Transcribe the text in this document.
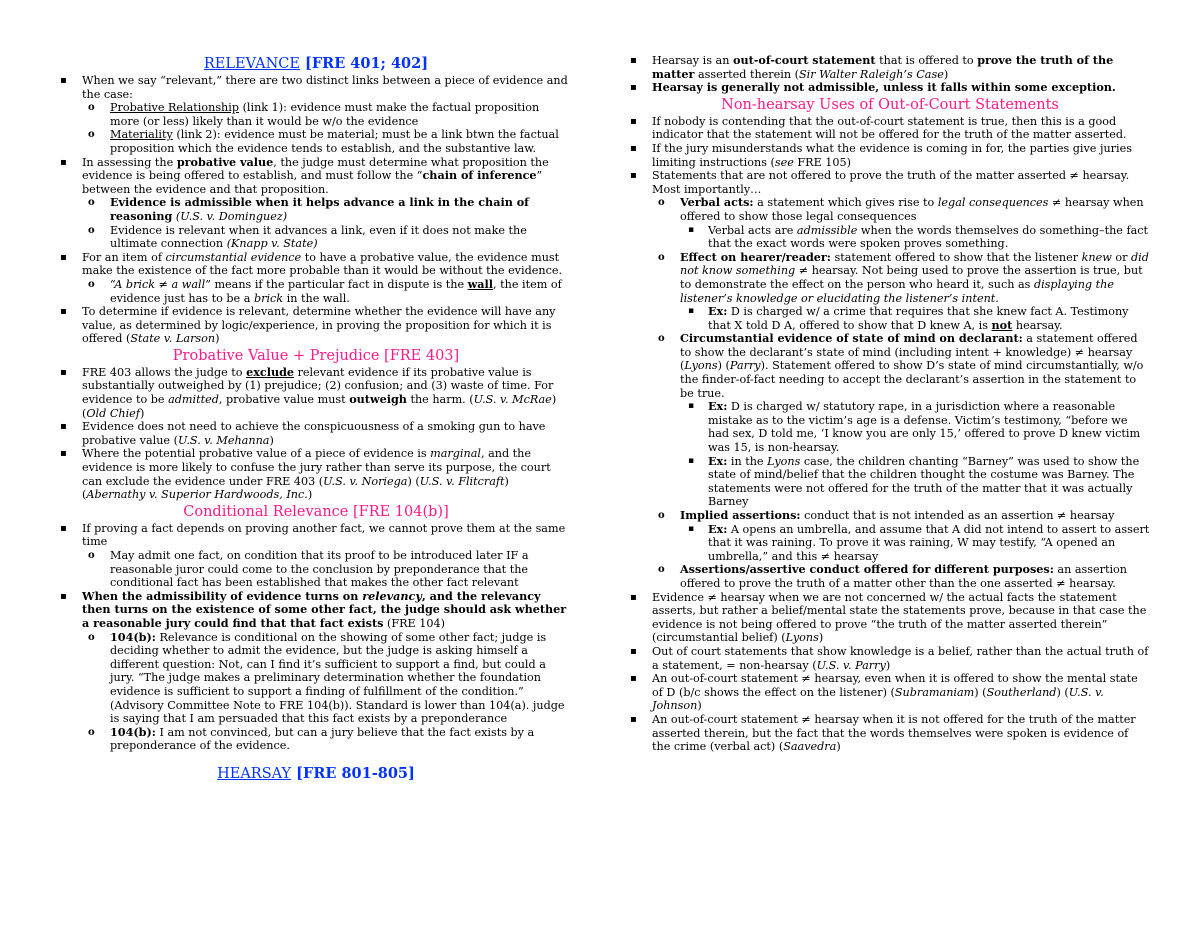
RELEVANCE [FRE 401; 402]
▪ When we say “relevant,” there are two distinct links between a piece of evidence and the case:
o Probative Relationship (link 1): evidence must make the factual proposition more (or less) likely than it would be w/o the evidence
o Materiality (link 2): evidence must be material; must be a link btwn the factual proposition which the evidence tends to establish, and the substantive law.
▪ In assessing the probative value, the judge must determine what proposition the evidence is being offered to establish, and must follow the “chain of inference” between the evidence and that proposition.
o Evidence is admissible when it helps advance a link in the chain of reasoning (U.S. v. Dominguez)
o Evidence is relevant when it advances a link, even if it does not make the ultimate connection (Knapp v. State)
▪ For an item of circumstantial evidence to have a probative value, the evidence must make the existence of the fact more probable than it would be without the evidence.
o “A brick ≠ a wall” means if the particular fact in dispute is the wall, the item of evidence just has to be a brick in the wall.
▪ To determine if evidence is relevant, determine whether the evidence will have any value, as determined by logic/experience, in proving the proposition for which it is offered (State v. Larson)
Probative Value + Prejudice [FRE 403]
▪ FRE 403 allows the judge to exclude relevant evidence if its probative value is substantially outweighed by (1) prejudice; (2) confusion; and (3) waste of time. For evidence to be admitted, probative value must outweigh the harm. (U.S. v. McRae) (Old Chief)
▪ Evidence does not need to achieve the conspicuousness of a smoking gun to have probative value (U.S. v. Mehanna)
▪ Where the potential probative value of a piece of evidence is marginal, and the evidence is more likely to confuse the jury rather than serve its purpose, the court can exclude the evidence under FRE 403 (U.S. v. Noriega) (U.S. v. Flitcraft) (Abernathy v. Superior Hardwoods, Inc.)
Conditional Relevance [FRE 104(b)]
▪ If proving a fact depends on proving another fact, we cannot prove them at the same time
o May admit one fact, on condition that its proof to be introduced later IF a reasonable juror could come to the conclusion by preponderance that the conditional fact has been established that makes the other fact relevant
▪ When the admissibility of evidence turns on relevancy, and the relevancy then turns on the existence of some other fact, the judge should ask whether a reasonable jury could find that that fact exists (FRE 104)
o 104(b): Relevance is conditional on the showing of some other fact; judge is deciding whether to admit the evidence, but the judge is asking himself a different question: Not, can I find it’s sufficient to support a find, but could a jury. “The judge makes a preliminary determination whether the foundation evidence is sufficient to support a finding of fulfillment of the condition.” (Advisory Committee Note to FRE 104(b)). Standard is lower than 104(a). judge is saying that I am persuaded that this fact exists by a preponderance
o 104(b): I am not convinced, but can a jury believe that the fact exists by a preponderance of the evidence.
HEARSAY [FRE 801-805]
▪ Hearsay is an out-of-court statement that is offered to prove the truth of the matter asserted therein (Sir Walter Raleigh’s Case)
▪ Hearsay is generally not admissible, unless it falls within some exception.
Non-hearsay Uses of Out-of-Court Statements
▪ If nobody is contending that the out-of-court statement is true, then this is a good indicator that the statement will not be offered for the truth of the matter asserted.
▪ If the jury misunderstands what the evidence is coming in for, the parties give juries limiting instructions (see FRE 105)
▪ Statements that are not offered to prove the truth of the matter asserted ≠ hearsay. Most importantly…
o Verbal acts: a statement which gives rise to legal consequences ≠ hearsay when offered to show those legal consequences
▪ Verbal acts are admissible when the words themselves do something–the fact that the exact words were spoken proves something.
o Effect on hearer/reader: statement offered to show that the listener knew or did not know something ≠ hearsay. Not being used to prove the assertion is true, but to demonstrate the effect on the person who heard it, such as displaying the listener’s knowledge or elucidating the listener’s intent.
▪ Ex: D is charged w/ a crime that requires that she knew fact A. Testimony that X told D A, offered to show that D knew A, is not hearsay.
o Circumstantial evidence of state of mind on declarant: a statement offered to show the declarant’s state of mind (including intent + knowledge) ≠ hearsay (Lyons) (Parry). Statement offered to show D’s state of mind circumstantially, w/o the finder-of-fact needing to accept the declarant’s assertion in the statement to be true.
▪ Ex: D is charged w/ statutory rape, in a jurisdiction where a reasonable mistake as to the victim’s age is a defense. Victim’s testimony, “before we had sex, D told me, ‘I know you are only 15,’ offered to prove D knew victim was 15, is non-hearsay.
▪ Ex: in the Lyons case, the children chanting “Barney” was used to show the state of mind/belief that the children thought the costume was Barney. The statements were not offered for the truth of the matter that it was actually Barney
o Implied assertions: conduct that is not intended as an assertion ≠ hearsay
▪ Ex: A opens an umbrella, and assume that A did not intend to assert to assert that it was raining. To prove it was raining, W may testify, “A opened an umbrella,” and this ≠ hearsay
o Assertions/assertive conduct offered for different purposes: an assertion offered to prove the truth of a matter other than the one asserted ≠ hearsay.
▪ Evidence ≠ hearsay when we are not concerned w/ the actual facts the statement asserts, but rather a belief/mental state the statements prove, because in that case the evidence is not being offered to prove “the truth of the matter asserted therein” (circumstantial belief) (Lyons)
▪ Out of court statements that show knowledge is a belief, rather than the actual truth of a statement, = non-hearsay (U.S. v. Parry)
▪ An out-of-court statement ≠ hearsay, even when it is offered to show the mental state of D (b/c shows the effect on the listener) (Subramaniam) (Southerland) (U.S. v. Johnson)
▪ An out-of-court statement ≠ hearsay when it is not offered for the truth of the matter asserted therein, but the fact that the words themselves were spoken is evidence of the crime (verbal act) (Saavedra)
